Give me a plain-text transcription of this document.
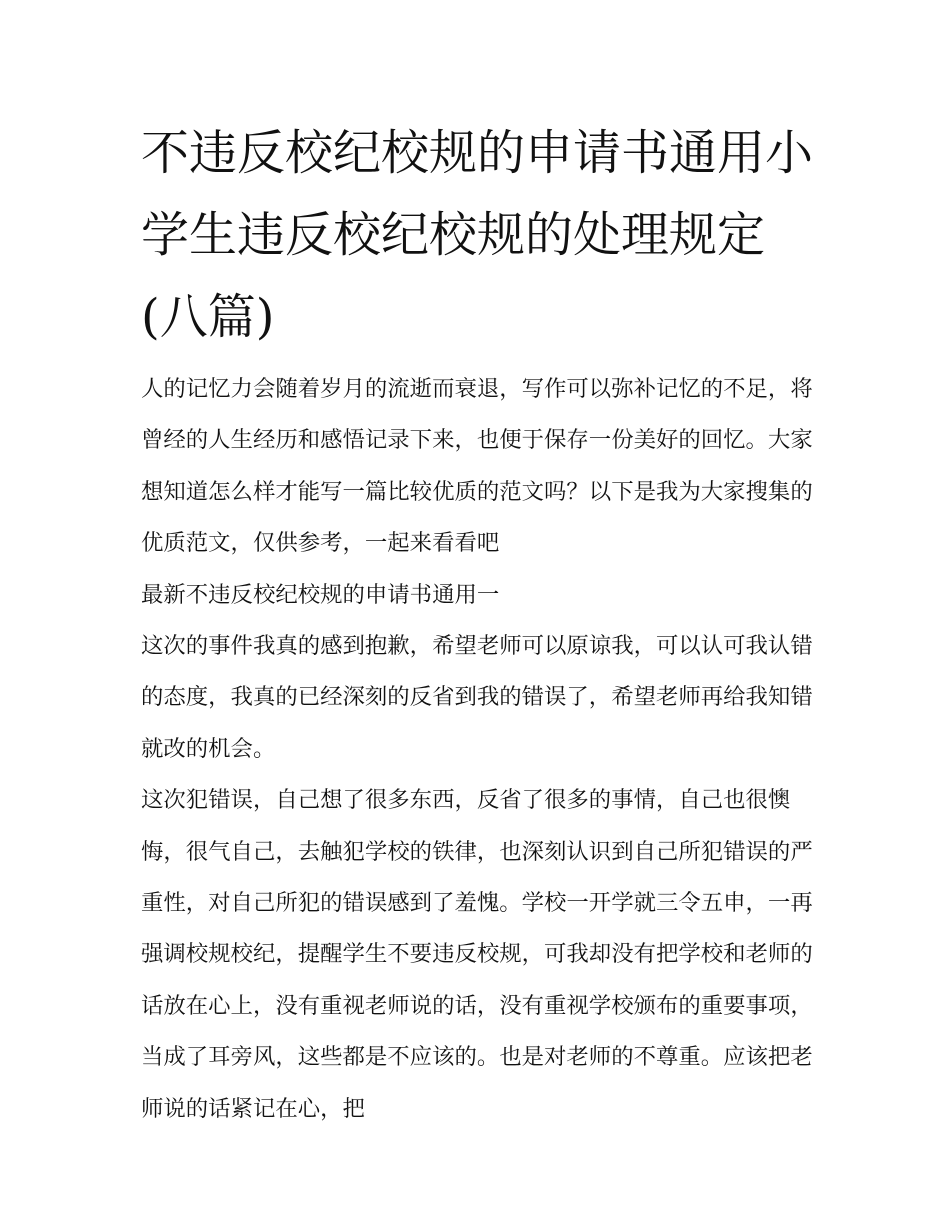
不违反校纪校规的申请书通用小学生违反校纪校规的处理规定(八篇)

人的记忆力会随着岁月的流逝而衰退，写作可以弥补记忆的不足，将曾经的人生经历和感悟记录下来，也便于保存一份美好的回忆。大家想知道怎么样才能写一篇比较优质的范文吗？以下是我为大家搜集的优质范文，仅供参考，一起来看看吧

最新不违反校纪校规的申请书通用一

这次的事件我真的感到抱歉，希望老师可以原谅我，可以认可我认错的态度，我真的已经深刻的反省到我的错误了，希望老师再给我知错就改的机会。

这次犯错误，自己想了很多东西，反省了很多的事情，自己也很懊悔，很气自己，去触犯学校的铁律，也深刻认识到自己所犯错误的严重性，对自己所犯的错误感到了羞愧。学校一开学就三令五申，一再强调校规校纪，提醒学生不要违反校规，可我却没有把学校和老师的话放在心上，没有重视老师说的话，没有重视学校颁布的重要事项，当成了耳旁风，这些都是不应该的。也是对老师的不尊重。应该把老师说的话紧记在心，把
